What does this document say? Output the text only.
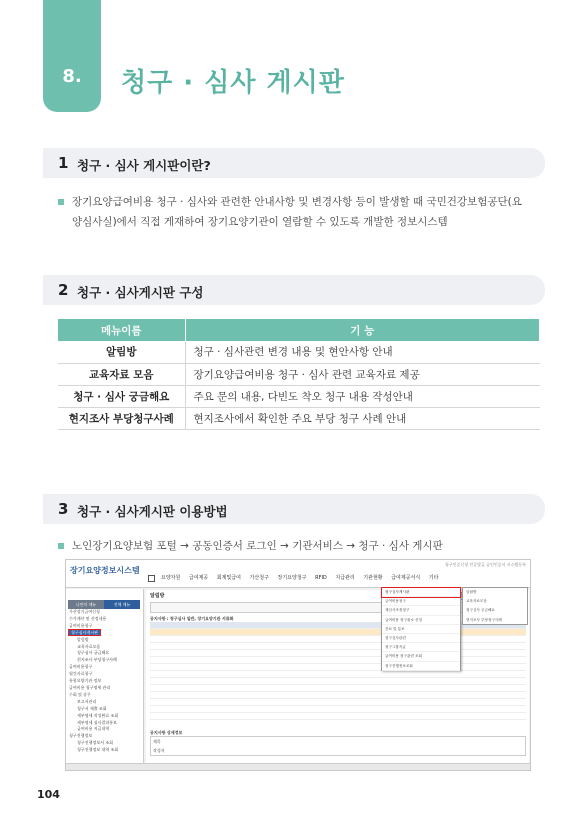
8.	청구 · 심사 게시판
1 청구 · 심사 게시판이란?
장기요양급여비용 청구 · 심사와 관련한 안내사항 및 변경사항 등이 발생할 때 국민건강보험공단(요
양심사실)에서 직접 게재하여 장기요양기관이 열람할 수 있도록 개발한 정보시스템
2 청구 · 심사게시판 구성
메뉴이름	기 능
알림방	청구 · 심사관련 변경 내용 및 현안사항 안내
교육자료 모음	장기요양급여비용 청구 · 심사 관련 교육자료 제공
청구 · 심사 궁금해요	주요 문의 내용, 다빈도 착오 청구 내용 작성안내
현지조사 부당청구사례	현지조사에서 확인한 주요 부당 청구 사례 안내
3 청구 · 심사게시판 이용방법
노인장기요양보험 포털 → 공동인증서 로그인 → 기관서비스 → 청구 · 심사 게시판
장기요양정보시스템
청구인증신청 인증발급 공인인증서 시스템등록
요양자원 급여제공 회계및급여 가산청구 장기요양청구 RFID 지급관리 기관현황 급여제공서식 기타
나만의 메뉴	전체 메뉴
가산장기급여신청
수가계산 및 산정내용
급여비용청구
청구심사게시판
알림방
교육자료모음
청구심사 궁금해요
현지조사 부당청구사례
급여비용청구
월간자료청구
통합요양기관 정보
급여비용 청구명세 관리
수회 및 송무
보고서관리
청구서 제출 조회
세부명세 작성완료 조회
세부명세 심사결과통보
급여비용 지급내역
청구진행정보
청구진행정보서 조회
청구진행정보 내역 조회
알림방

공지사항 : 청구심사 일반, 장기요양기관 서류화
공지사항 상세정보
제목
작성자
청구심사게시판
급여비용청구
재심사조정청구
급여비용 청구취소 신청
진료 및 통보
청구심사관련
청구그룹지급
급여비용 청구관련 조회
청구진행정보조회
알림방
교육자료모음
청구심사 궁금해요
현지조사 부당청구사례
104
